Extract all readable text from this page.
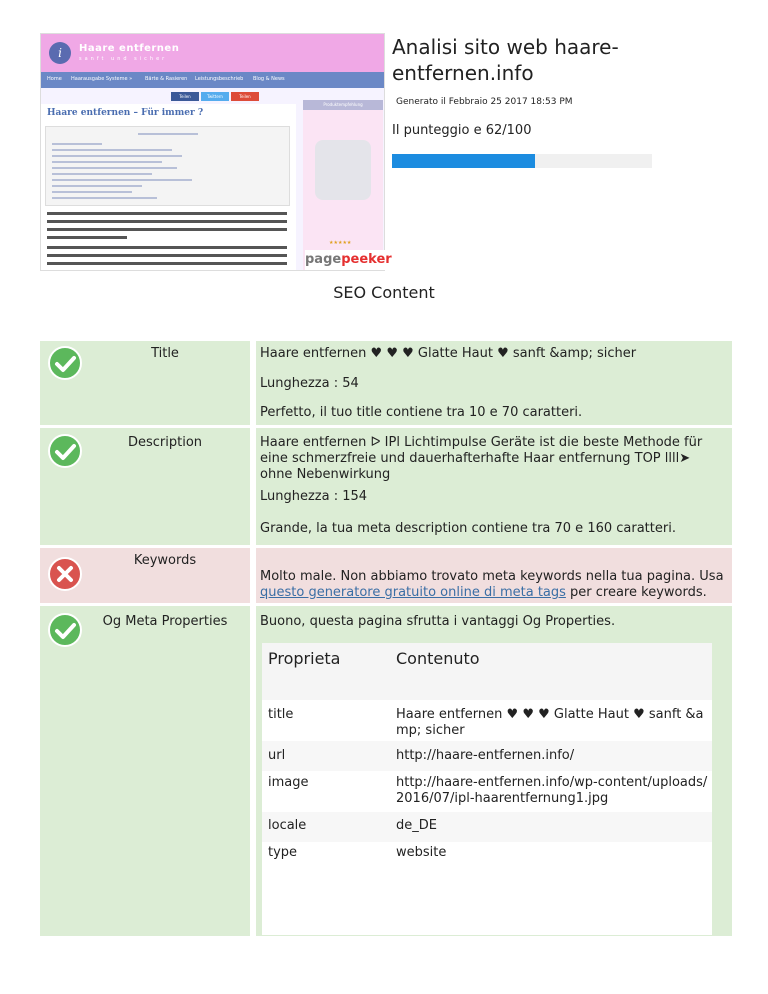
i	Haare entfernen
sanft und sicher
Home Haarausgabe Systeme »	Bärte & Rasieren Leistungsbeschrieb Blog & News
Teilen	Twittern	Teilen
Haare entfernen – Für immer ?
Produktempfehlung
★★★★★
pagepeeker
Analisi sito web haare-entfernen.info
Generato il Febbraio 25 2017 18:53 PM
Il punteggio e 62/100
SEO Content
Title	Haare entfernen ♥ ♥ ♥ Glatte Haut ♥ sanft &amp; sicher
Lunghezza : 54
Perfetto, il tuo title contiene tra 10 e 70 caratteri.
Description	Haare entfernen ᐅ IPl Lichtimpulse Geräte ist die beste Methode für eine schmerzfreie und dauerhafterhafte Haar entfernung TOP llll➤ ohne Nebenwirkung
Lunghezza : 154
Grande, la tua meta description contiene tra 70 e 160 caratteri.
Keywords
Molto male. Non abbiamo trovato meta keywords nella tua pagina. Usa questo generatore gratuito online di meta tags per creare keywords.
Og Meta Properties	Buono, questa pagina sfrutta i vantaggi Og Properties.
Proprieta	Contenuto
title	Haare entfernen ♥ ♥ ♥ Glatte Haut ♥ sanft &amp; sicher
url	http://haare-entfernen.info/
image	http://haare-entfernen.info/wp-content/uploads/2016/07/ipl-haarentfernung1.jpg
locale	de_DE
type	website
